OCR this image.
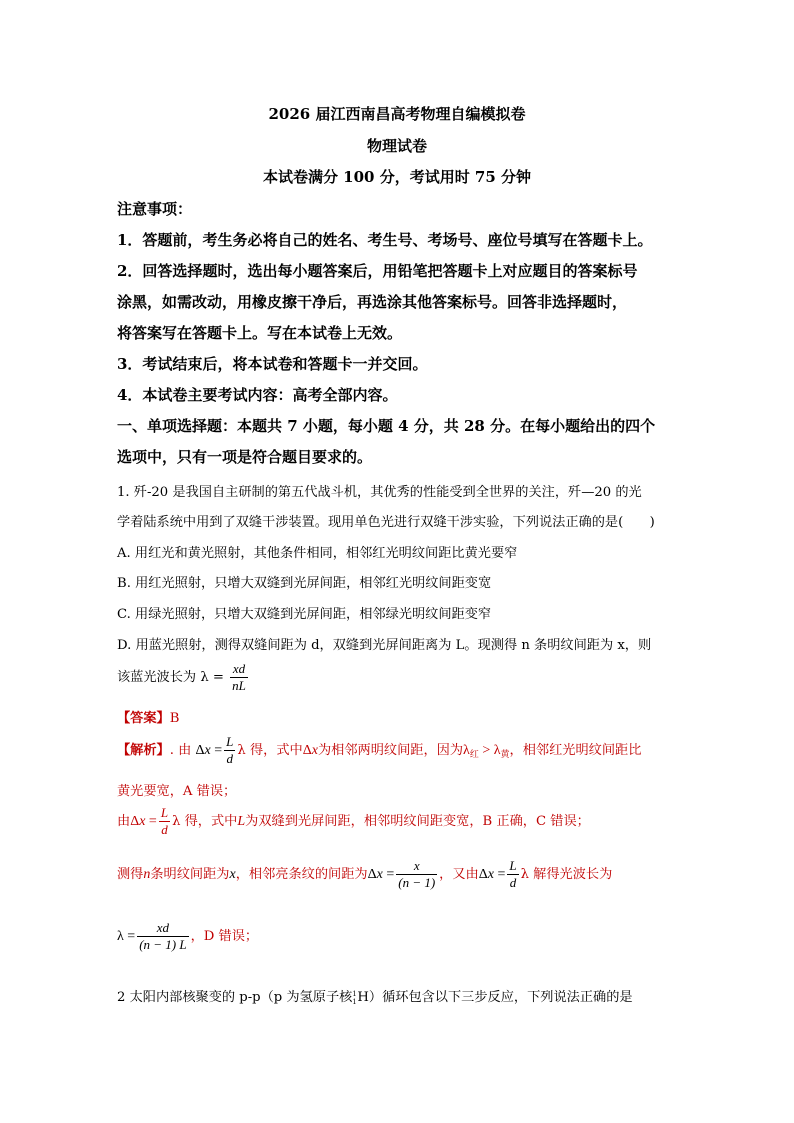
2026 届江西南昌高考物理自编模拟卷
物理试卷
本试卷满分 100 分，考试用时 75 分钟
注意事项：
1．答题前，考生务必将自己的姓名、考生号、考场号、座位号填写在答题卡上。
2．回答选择题时，选出每小题答案后，用铅笔把答题卡上对应题目的答案标号
涂黑，如需改动，用橡皮擦干净后，再选涂其他答案标号。回答非选择题时，
将答案写在答题卡上。写在本试卷上无效。
3．考试结束后，将本试卷和答题卡一并交回。
4．本试卷主要考试内容：高考全部内容。
一、单项选择题：本题共 7 小题，每小题 4 分，共 28 分。在每小题给出的四个
选项中，只有一项是符合题目要求的。
1. 歼-20 是我国自主研制的第五代战斗机，其优秀的性能受到全世界的关注，歼—20 的光
学着陆系统中用到了双缝干涉装置。现用单色光进行双缝干涉实验，下列说法正确的是(　　)
A. 用红光和黄光照射，其他条件相同，相邻红光明纹间距比黄光要窄
B. 用红光照射，只增大双缝到光屏间距，相邻红光明纹间距变宽
C. 用绿光照射，只增大双缝到光屏间距，相邻绿光明纹间距变窄
D. 用蓝光照射，测得双缝间距为 d，双缝到光屏间距离为 L。现测得 n 条明纹间距为 x，则
该蓝光波长为 $\lambda = \frac{xd}{nL}$
【答案】B
【解析】. 由 $\Delta x = \frac{L}{d}$ λ 得，式中Δx为相邻两明纹间距，因为$\lambda_红 > \lambda_黄$，相邻红光明纹间距比
黄光要宽，A 错误；
由$\Delta x = \frac{L}{d}$ λ 得，式中L为双缝到光屏间距，相邻明纹间距变宽，B 正确，C 错误；
测得n条明纹间距为x，相邻亮条纹的间距为$\Delta x = \frac{x}{(n - 1)}$ ，又由$\Delta x = \frac{L}{d}$ λ 解得光波长为
$\lambda = \frac{xd}{(n - 1) L}$ ，D 错误；
2 太阳内部核聚变的 p-p（p 为氢原子核 1
1 H）循环包含以下三步反应，下列说法正确的是
